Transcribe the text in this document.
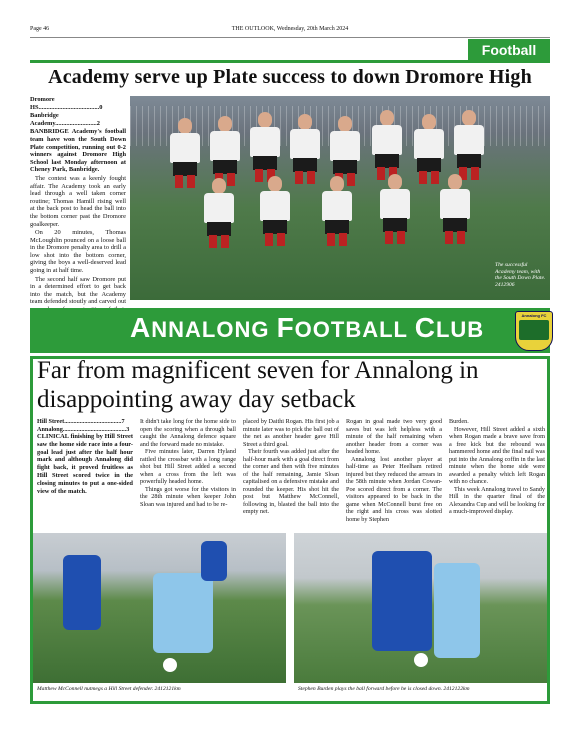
Page 46	THE OUTLOOK, Wednesday, 20th March 2024
Football
Academy serve up Plate success to down Dromore High

Dromore HS......................................0

Banbridge Academy..........................2

BANBRIDGE Academy's football team have won the South Down Plate competition, running out 0-2 winners against Dromore High School last Monday afternoon at Cheney Park, Banbridge.

The contest was a keenly fought affair. The Academy took an early lead through a well taken corner routine; Thomas Hamill rising well at the back post to head the ball into the bottom corner past the Dromore goalkeeper.

On 20 minutes, Thomas McLoughlin pounced on a loose ball in the Dromore penalty area to drill a low shot into the bottom corner, giving the boys a well-deserved lead going in at half time.

The second half saw Dromore put in a determined effort to get back into the match, but the Academy team defended stoutly and carved out

The successful Academy team, with the South Down Plate. 2412906
ANNALONG FOOTBALL CLUB
Annalong FC
Far from magnificent seven for Annalong in disappointing away day setback

Hill Street.....................................7

Annalong.........................................3

CLINICAL finishing by Hill Street saw the home side race into a four-goal lead just after the half hour mark and although Annalong did fight back, it proved fruitless as Hill Street scored twice in the closing minutes to put a one-sided view of the match.

It didn't take long for the home side to open the scoring when a through ball caught the Annalong defence square and the forward made no mistake.

Five minutes later, Darren Hyland rattled the crossbar with a long range shot but Hill Street added a second when a cross from the left was powerfully headed home.

Things got worse for the visitors in the 28th minute when keeper John Sloan was injured and had to be re-

placed by Daithi Rogan. His first job a minute later was to pick the ball out of the net as another header gave Hill Street a third goal.

Their fourth was added just after the half-hour mark with a goal direct from the corner and then with five minutes of the half remaining, Jamie Sloan capitalised on a defensive mistake and rounded the keeper. His shot hit the post but Matthew McConnell, following in, blasted the ball into the empty net.

Rogan in goal made two very good saves but was left helpless with a minute of the half remaining when another header from a corner was headed home.

Annalong lost another player at half-time as Peter Heelham retired injured but they reduced the arrears in the 58th minute when Jordan Cowan-Poe scored direct from a corner. The visitors appeared to be back in the game when McConnell burst free on the right and his cross was slotted home by Stephen

Burden.

However, Hill Street added a sixth when Rogan made a brave save from a free kick but the rebound was hammered home and the final nail was put into the Annalong coffin in the last minute when the home side were awarded a penalty which left Rogan with no chance.

This week Annalong travel to Sandy Hill in the quarter final of the Alexandra Cup and will be looking for a much-improved display.

Matthew McConnell nutmegs a Hill Street defender. 2412121km	Stephen Burden plays the ball forward before he is closed down. 2412122km
